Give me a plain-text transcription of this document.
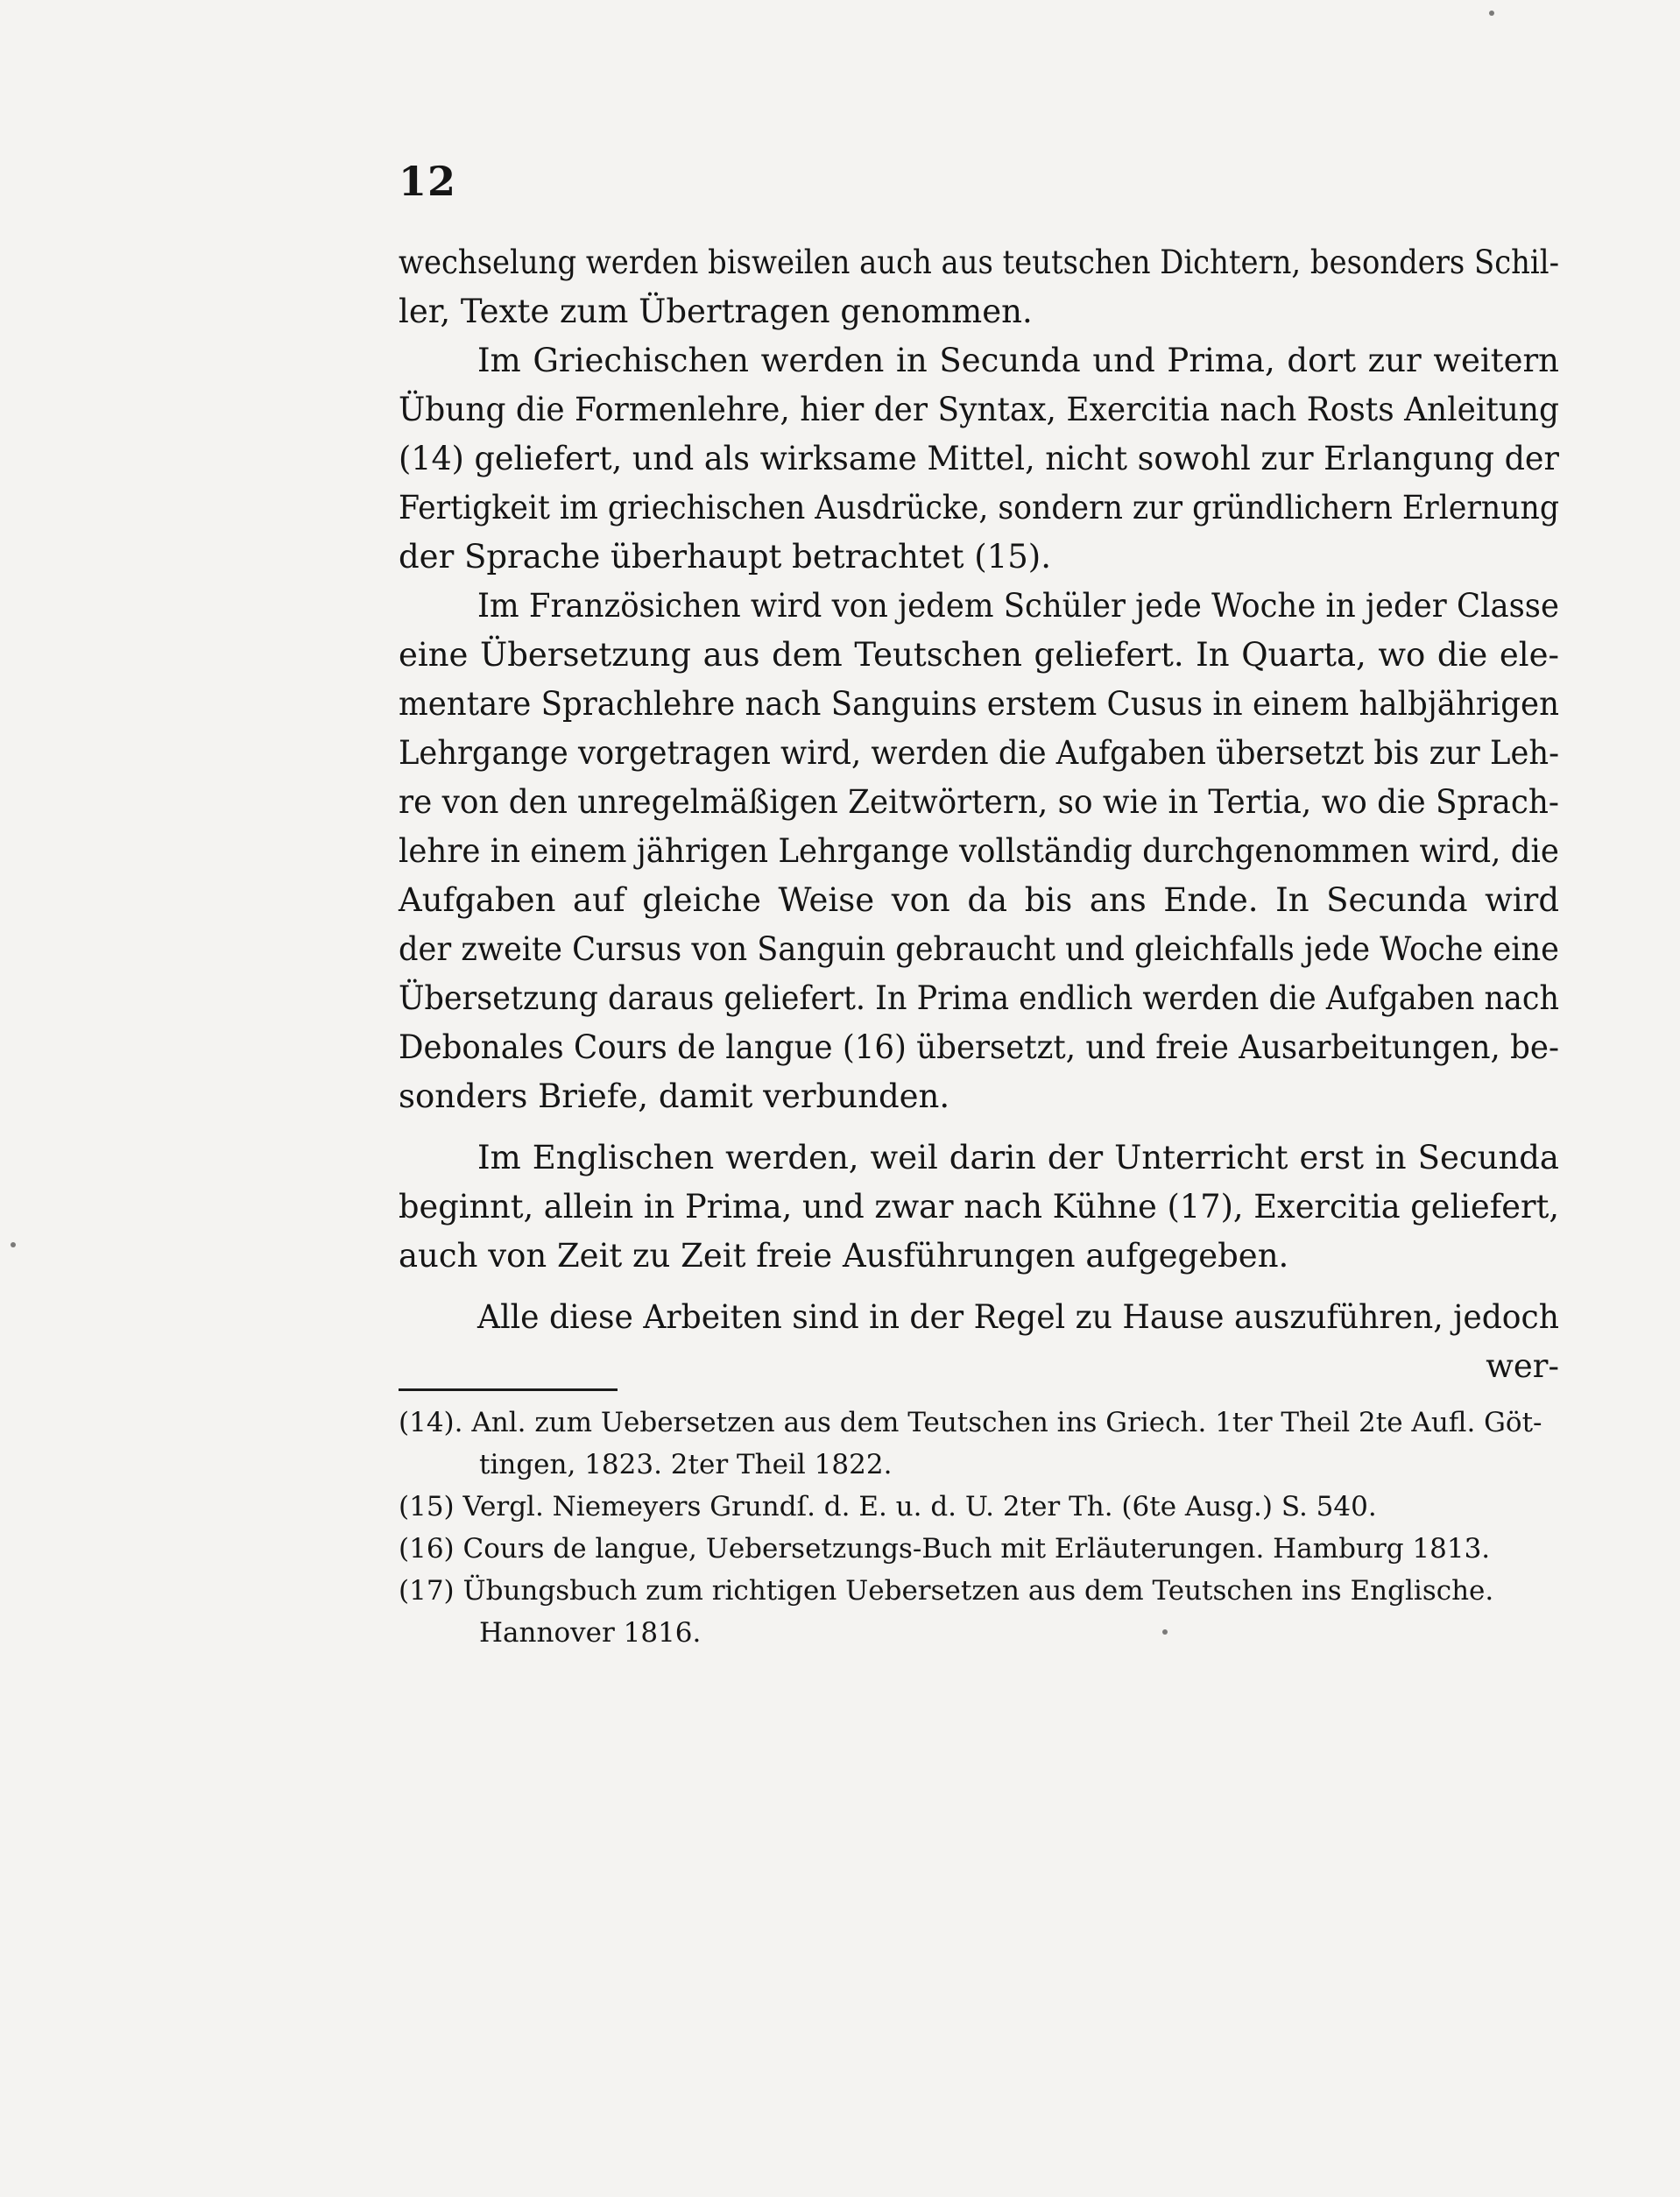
12
wechselung werden bisweilen auch aus teutschen Dichtern, besonders Schil-
ler, Texte zum Übertragen genommen.
Im Griechischen werden in Secunda und Prima, dort zur weitern
Übung die Formenlehre, hier der Syntax, Exercitia nach Rosts Anleitung
(14) geliefert, und als wirksame Mittel, nicht sowohl zur Erlangung der
Fertigkeit im griechischen Ausdrücke, sondern zur gründlichern Erlernung
der Sprache überhaupt betrachtet (15).
Im Französichen wird von jedem Schüler jede Woche in jeder Classe
eine Übersetzung aus dem Teutschen geliefert. In Quarta, wo die ele-
mentare Sprachlehre nach Sanguins erstem Cusus in einem halbjährigen
Lehrgange vorgetragen wird, werden die Aufgaben übersetzt bis zur Leh-
re von den unregelmäßigen Zeitwörtern, so wie in Tertia, wo die Sprach-
lehre in einem jährigen Lehrgange vollständig durchgenommen wird, die
Aufgaben auf gleiche Weise von da bis ans Ende. In Secunda wird
der zweite Cursus von Sanguin gebraucht und gleichfalls jede Woche eine
Übersetzung daraus geliefert. In Prima endlich werden die Aufgaben nach
Debonales Cours de langue (16) übersetzt, und freie Ausarbeitungen, be-
sonders Briefe, damit verbunden.
Im Englischen werden, weil darin der Unterricht erst in Secunda
beginnt, allein in Prima, und zwar nach Kühne (17), Exercitia geliefert,
auch von Zeit zu Zeit freie Ausführungen aufgegeben.
Alle diese Arbeiten sind in der Regel zu Hause auszuführen, jedoch
wer-
(14). Anl. zum Uebersetzen aus dem Teutschen ins Griech. 1ter Theil 2te Aufl. Göt-
tingen, 1823. 2ter Theil 1822.
(15) Vergl. Niemeyers Grundſ. d. E. u. d. U. 2ter Th. (6te Ausg.) S. 540.
(16) Cours de langue, Uebersetzungs-Buch mit Erläuterungen. Hamburg 1813.
(17) Übungsbuch zum richtigen Uebersetzen aus dem Teutschen ins Englische.
Hannover 1816.
